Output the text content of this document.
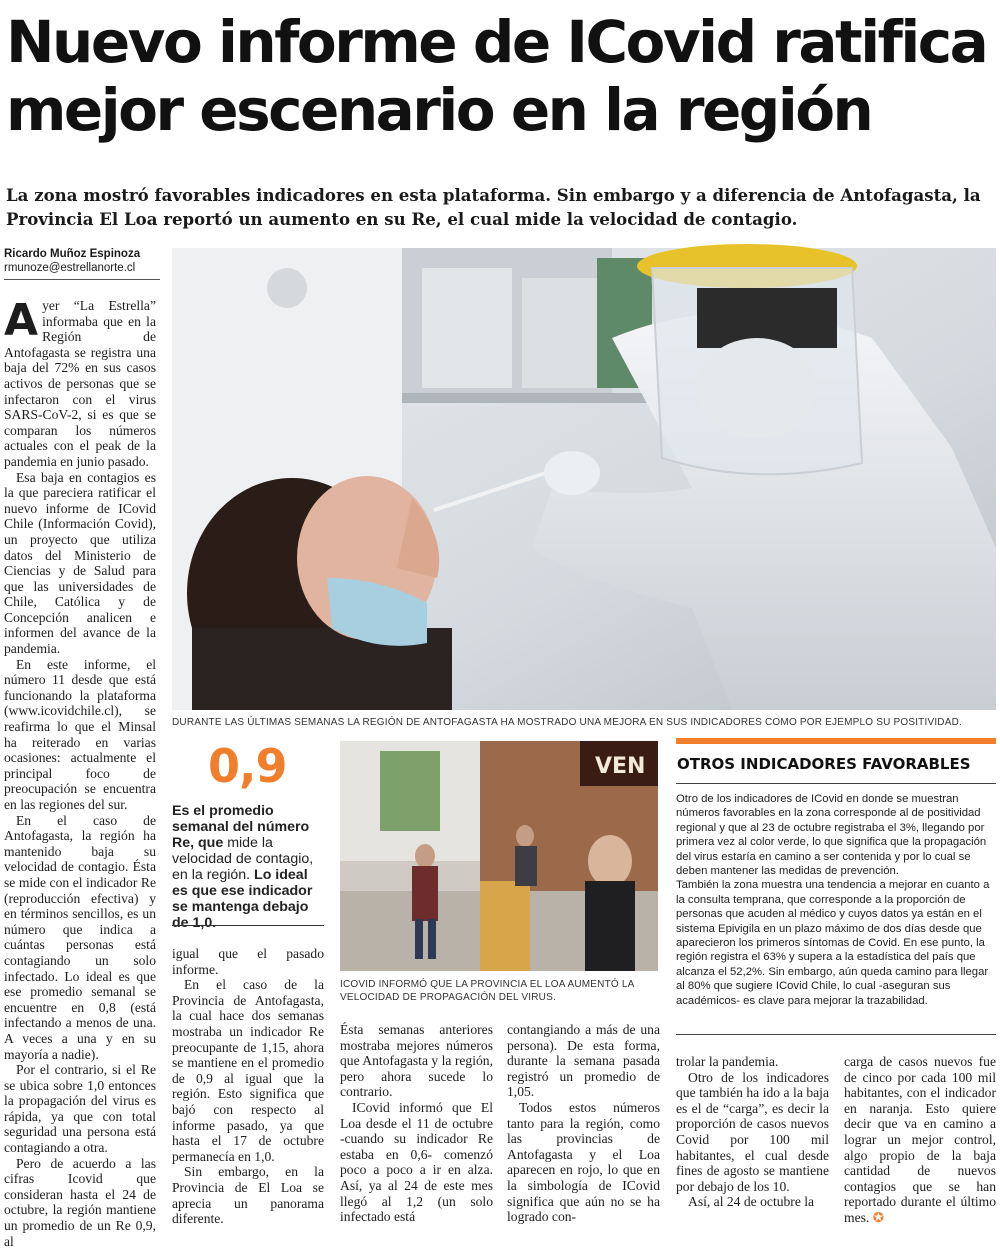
Nuevo informe de ICovid ratifica
mejor escenario en la región

La zona mostró favorables indicadores en esta plataforma. Sin embargo y a diferencia de Antofagasta, la Provincia El Loa reportó un aumento en su Re, el cual mide la velocidad de contagio.

Ricardo Muñoz Espinoza
rmunoze@estrellanorte.cl

Ayer “La Estrella” informaba que en la Región de Antofagasta se registra una baja del 72% en sus casos activos de personas que se infectaron con el virus SARS-CoV-2, si es que se comparan los números actuales con el peak de la pandemia en junio pasado.

Esa baja en contagios es la que pareciera ratificar el nuevo informe de ICovid Chile (Información Covid), un proyecto que utiliza datos del Ministerio de Ciencias y de Salud para que las universidades de Chile, Católica y de Concepción analicen e informen del avance de la pandemia.

En este informe, el número 11 desde que está funcionando la plataforma (www.icovidchile.cl), se reafirma lo que el Minsal ha reiterado en varias ocasiones: actualmente el principal foco de preocupación se encuentra en las regiones del sur.

En el caso de Antofagasta, la región ha mantenido baja su velocidad de contagio. Ésta se mide con el indicador Re (reproducción efectiva) y en términos sencillos, es un número que indica a cuántas personas está contagiando un solo infectado. Lo ideal es que ese promedio semanal se encuentre en 0,8 (está infectando a menos de una. A veces a una y en su mayoría a nadie).

Por el contrario, si el Re se ubica sobre 1,0 entonces la propagación del virus es rápida, ya que con total seguridad una persona está contagiando a otra.

Pero de acuerdo a las cifras Icovid que consideran hasta el 24 de octubre, la región mantiene un promedio de un Re 0,9, al

DURANTE LAS ÚLTIMAS SEMANAS LA REGIÓN DE ANTOFAGASTA HA MOSTRADO UNA MEJORA EN SUS INDICADORES COMO POR EJEMPLO SU POSITIVIDAD.
0,9
Es el promedio semanal del número Re, que mide la velocidad de contagio, en la región. Lo ideal es que ese indicador se mantenga debajo de 1,0.

igual que el pasado informe.

En el caso de la Provincia de Antofagasta, la cual hace dos semanas mostraba un indicador Re preocupante de 1,15, ahora se mantiene en el promedio de 0,9 al igual que la región. Esto significa que bajó con respecto al informe pasado, ya que hasta el 17 de octubre permanecía en 1,0.

Sin embargo, en la Provincia de El Loa se aprecia un panorama diferente.

VEN
ICOVID INFORMÓ QUE LA PROVINCIA EL LOA AUMENTÓ LA VELOCIDAD DE PROPAGACIÓN DEL VIRUS.

Ésta semanas anteriores mostraba mejores números que Antofagasta y la región, pero ahora sucede lo contrario.

ICovid informó que El Loa desde el 11 de octubre -cuando su indicador Re estaba en 0,6- comenzó poco a poco a ir en alza. Así, ya al 24 de este mes llegó al 1,2 (un solo infectado está

contangiando a más de una persona). De esta forma, durante la semana pasada registró un promedio de 1,05.

Todos estos números tanto para la región, como las provincias de Antofagasta y el Loa aparecen en rojo, lo que en la simbología de ICovid significa que aún no se ha logrado con-

OTROS INDICADORES FAVORABLES

Otro de los indicadores de ICovid en donde se muestran números favorables en la zona corresponde al de positividad regional y que al 23 de octubre registraba el 3%, llegando por primera vez al color verde, lo que significa que la propagación del virus estaría en camino a ser contenida y por lo cual se deben mantener las medidas de prevención.

También la zona muestra una tendencia a mejorar en cuanto a la consulta temprana, que corresponde a la proporción de personas que acuden al médico y cuyos datos ya están en el sistema Epivigila en un plazo máximo de dos días desde que aparecieron los primeros síntomas de Covid. En ese punto, la región registra el 63% y supera a la estadística del país que alcanza el 52,2%. Sin embargo, aún queda camino para llegar al 80% que sugiere ICovid Chile, lo cual -aseguran sus académicos- es clave para mejorar la trazabilidad.

trolar la pandemia.

Otro de los indicadores que también ha ido a la baja es el de “carga”, es decir la proporción de casos nuevos Covid por 100 mil habitantes, el cual desde fines de agosto se mantiene por debajo de los 10.

Así, al 24 de octubre la

carga de casos nuevos fue de cinco por cada 100 mil habitantes, con el indicador en naranja. Esto quiere decir que va en camino a lograr un mejor control, algo propio de la baja cantidad de nuevos contagios que se han reportado durante el último mes. ✪
